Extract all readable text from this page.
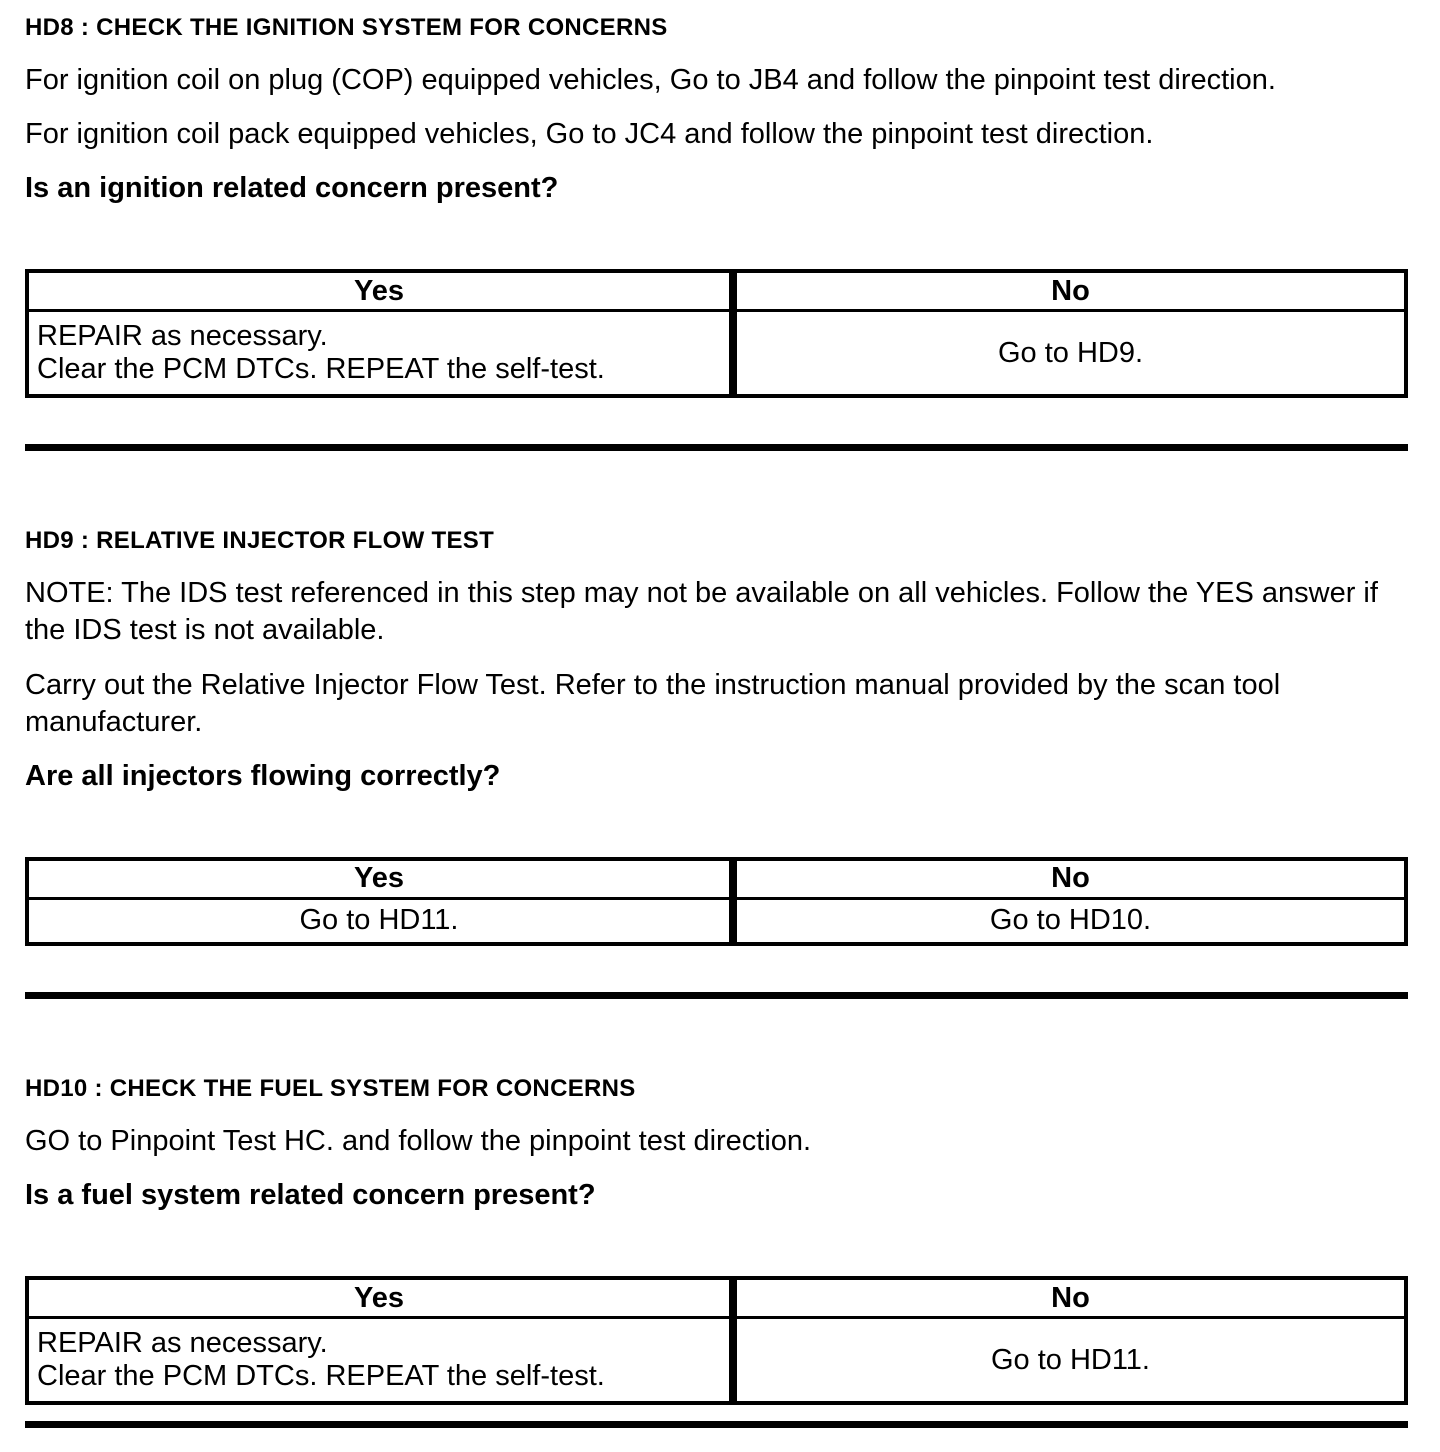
HD8 : CHECK THE IGNITION SYSTEM FOR CONCERNS

For ignition coil on plug (COP) equipped vehicles, Go to JB4 and follow the pinpoint test direction.

For ignition coil pack equipped vehicles, Go to JC4 and follow the pinpoint test direction.

Is an ignition related concern present?

Yes	No

REPAIR as necessary.
Clear the PCM DTCs. REPEAT the self-test.	Go to HD9.
HD9 : RELATIVE INJECTOR FLOW TEST

NOTE: The IDS test referenced in this step may not be available on all vehicles. Follow the YES answer if the IDS test is not available.

Carry out the Relative Injector Flow Test. Refer to the instruction manual provided by the scan tool manufacturer.

Are all injectors flowing correctly?

Yes	No
Go to HD11.	Go to HD10.
HD10 : CHECK THE FUEL SYSTEM FOR CONCERNS

GO to Pinpoint Test HC. and follow the pinpoint test direction.

Is a fuel system related concern present?

Yes	No

REPAIR as necessary.
Clear the PCM DTCs. REPEAT the self-test.	Go to HD11.
